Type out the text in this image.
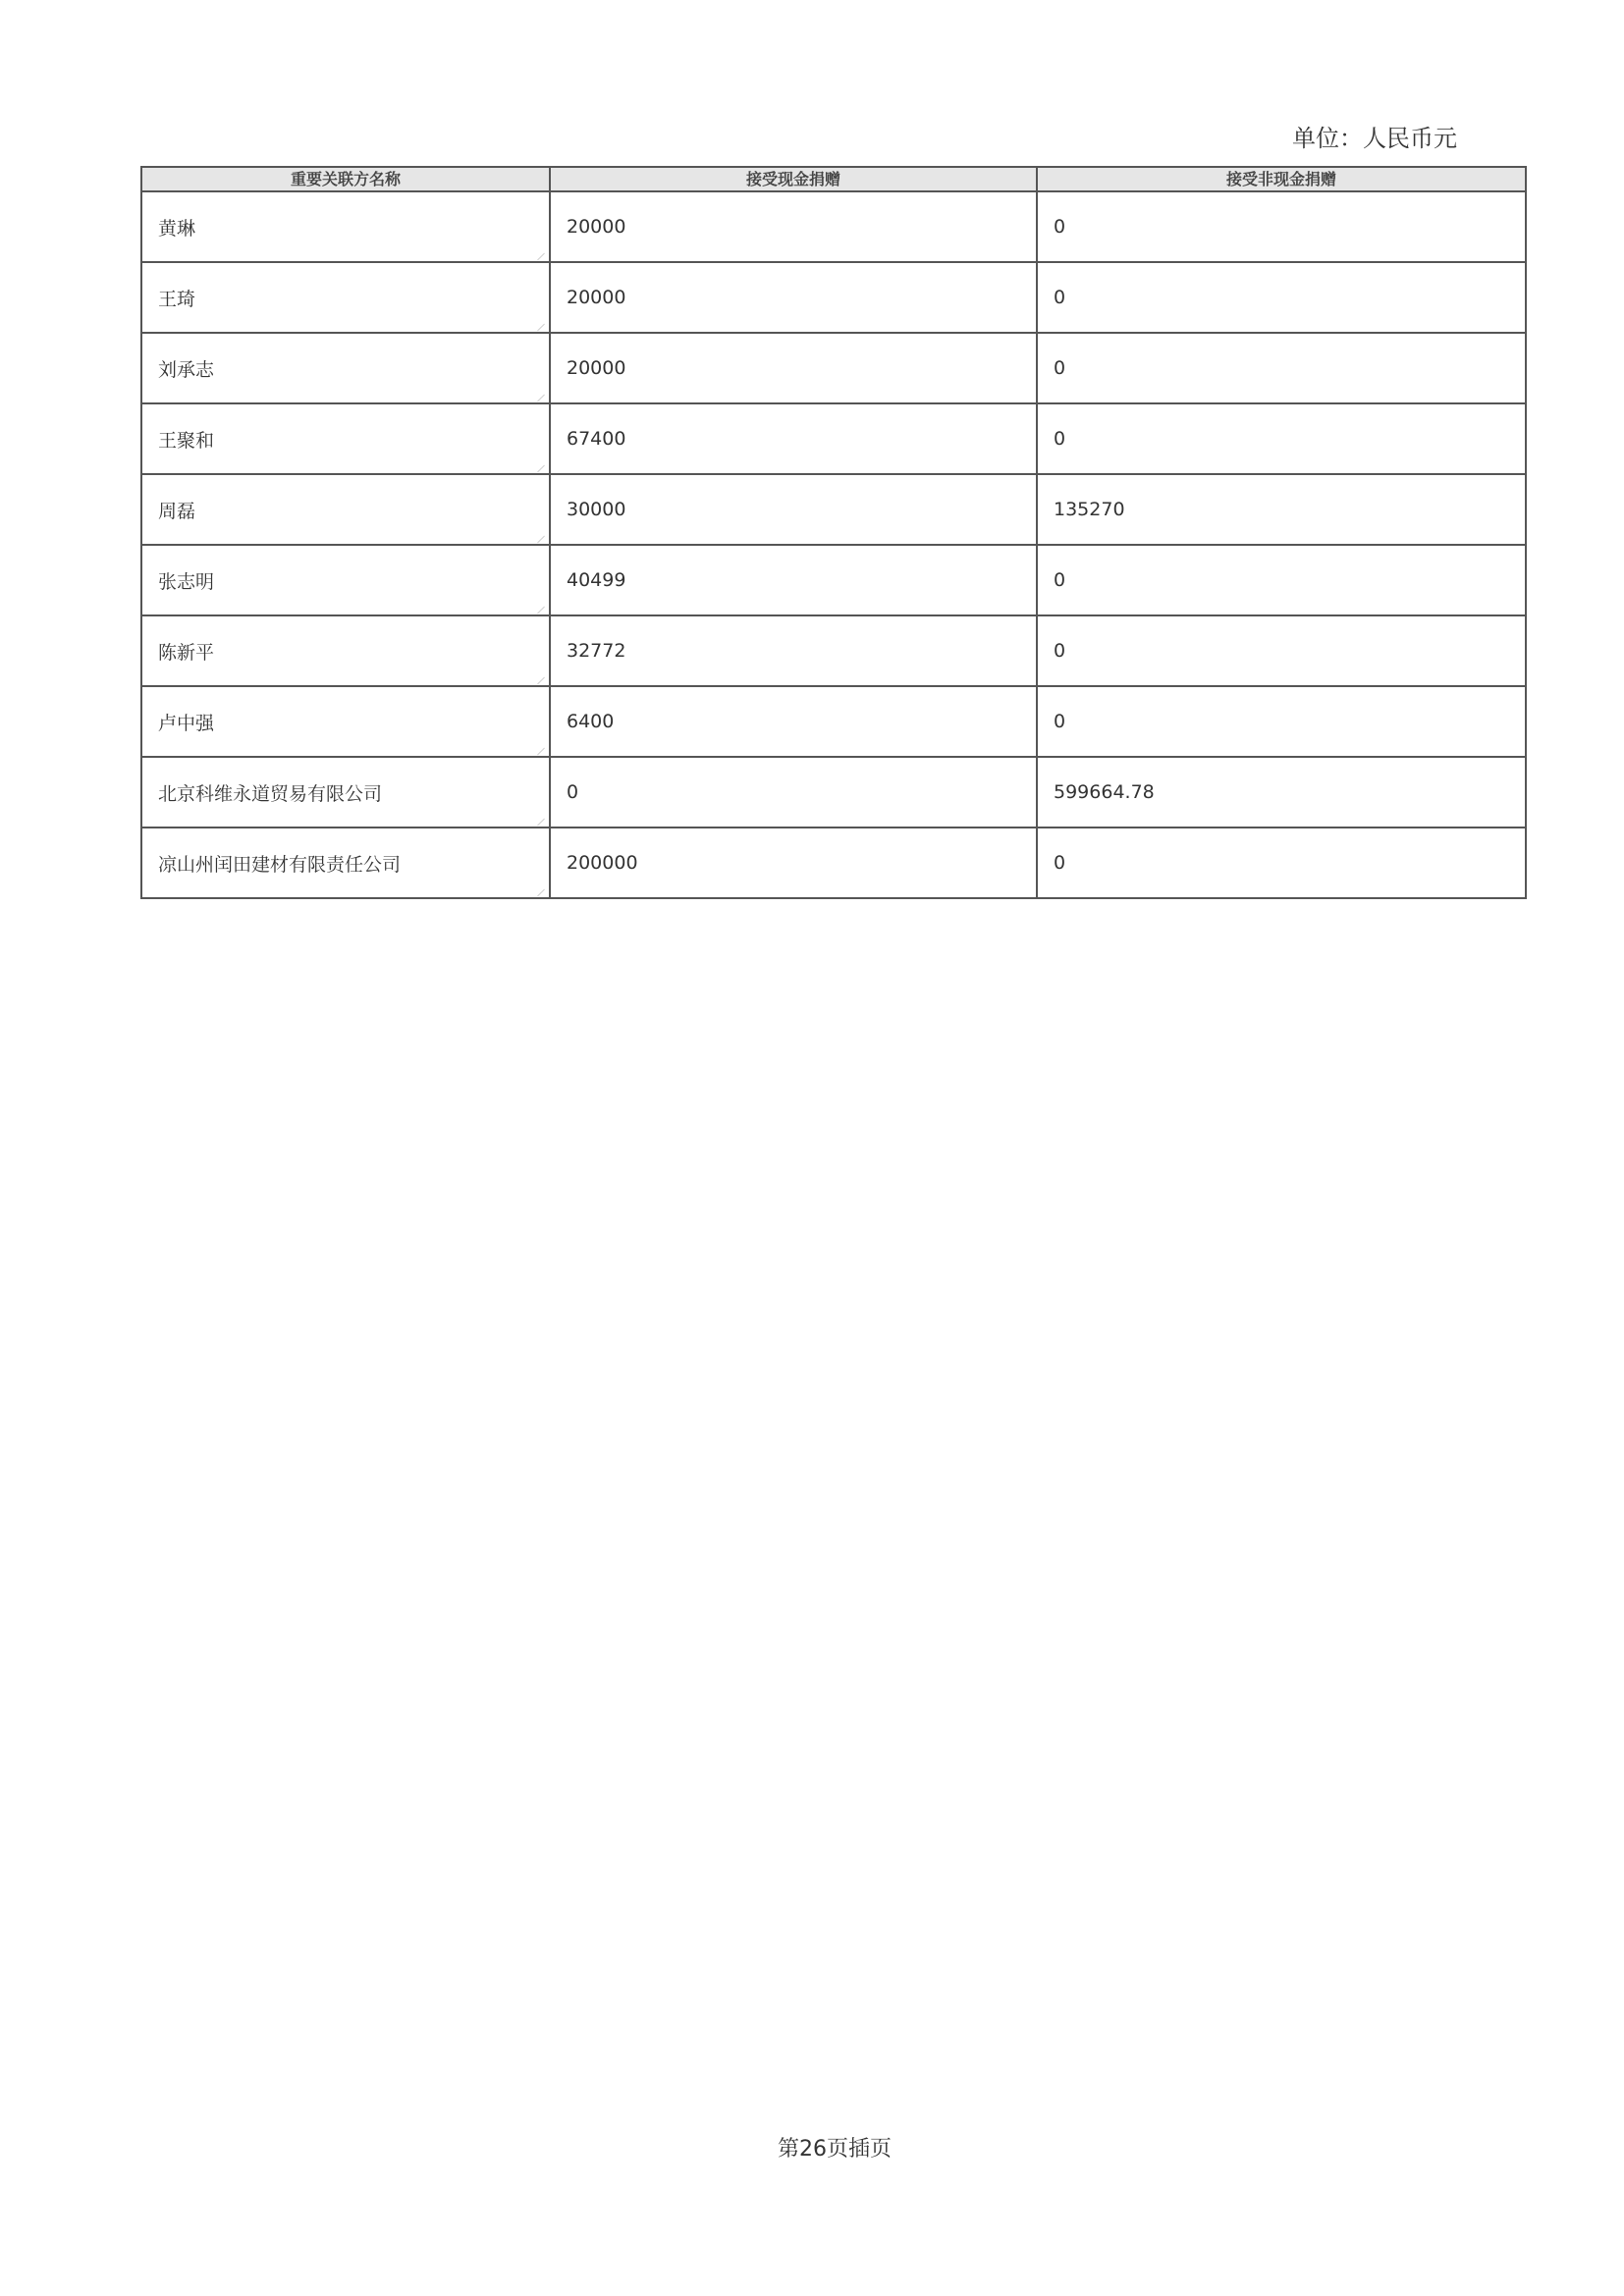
单位：人民币元
重要关联方名称	接受现金捐赠	接受非现金捐赠
黄琳	20000	0
王琦	20000	0
刘承志	20000	0
王聚和	67400	0
周磊	30000	135270
张志明	40499	0
陈新平	32772	0
卢中强	6400	0
北京科维永道贸易有限公司	0	599664.78
凉山州闰田建材有限责任公司	200000	0
第26页插页
